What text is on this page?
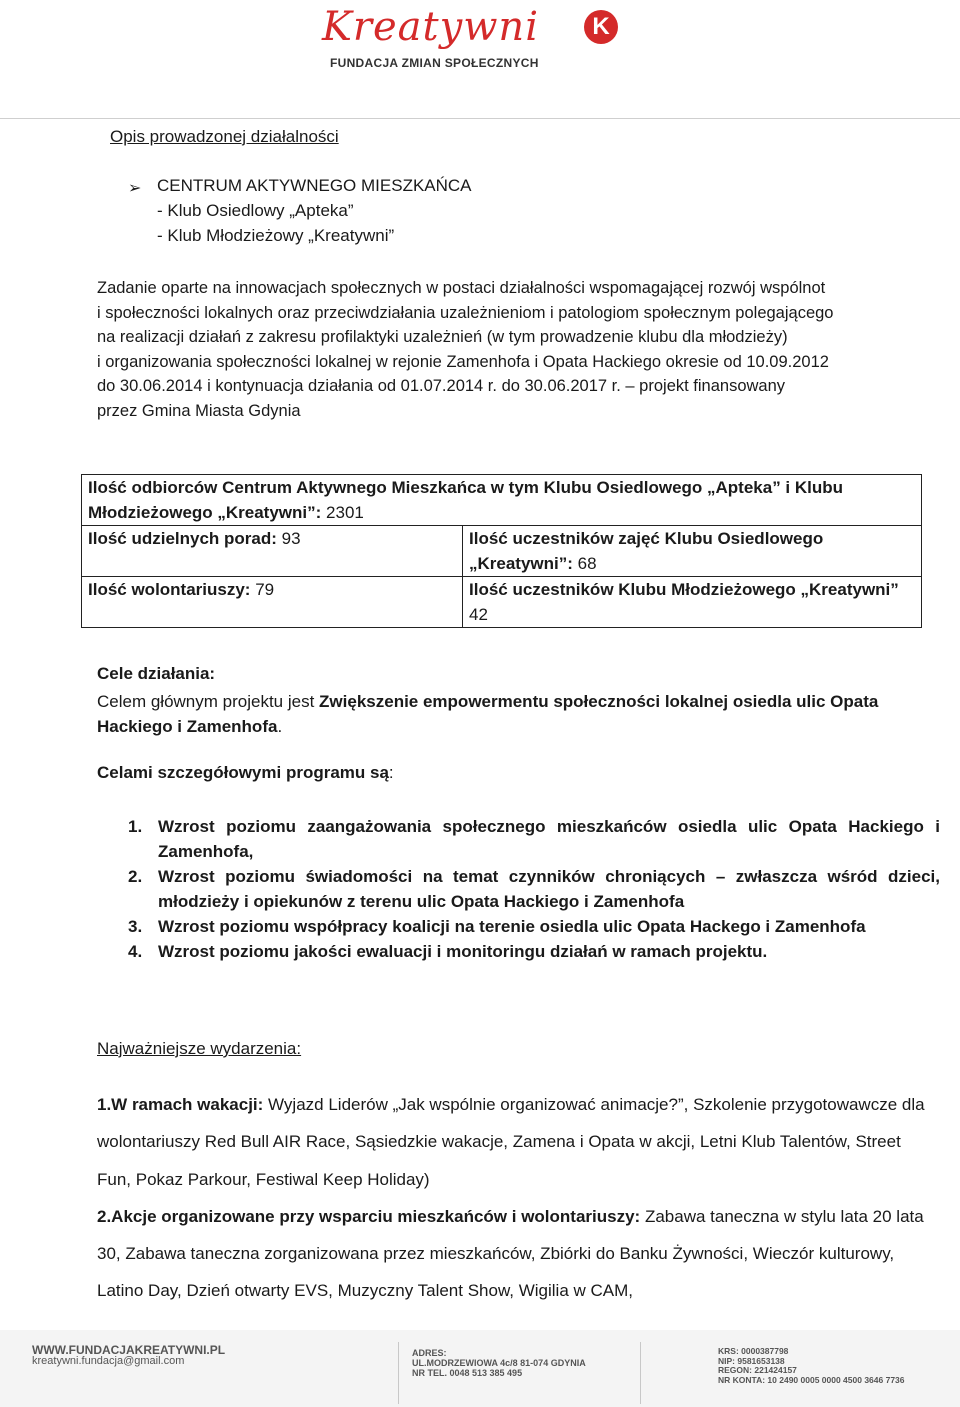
Kreatywni	K
FUNDACJA ZMIAN SPOŁECZNYCH
Opis prowadzonej działalności
➢ CENTRUM AKTYWNEGO MIESZKAŃCA
- Klub Osiedlowy „Apteka”
- Klub Młodzieżowy „Kreatywni”
Zadanie oparte na innowacjach społecznych w postaci działalności wspomagającej rozwój wspólnot
i społeczności lokalnych oraz przeciwdziałania uzależnieniom i patologiom społecznym polegającego
na realizacji działań z zakresu profilaktyki uzależnień (w tym prowadzenie klubu dla młodzieży)
i organizowania społeczności lokalnej w rejonie Zamenhofa i Opata Hackiego okresie od 10.09.2012
do 30.06.2014 i kontynuacja działania od 01.07.2014 r. do 30.06.2017 r. – projekt finansowany
przez Gmina Miasta Gdynia
Ilość odbiorców Centrum Aktywnego Mieszkańca w tym Klubu Osiedlowego „Apteka” i Klubu Młodzieżowego „Kreatywni”: 2301	
Ilość udzielnych porad: 93	Ilość uczestników zajęć Klubu Osiedlowego „Kreatywni”: 68
Ilość wolontariuszy: 79	Ilość uczestników Klubu Młodzieżowego „Kreatywni” 42
Cele działania:
Celem głównym projektu jest Zwiększenie empowermentu społeczności lokalnej osiedla ulic Opata Hackiego i Zamenhofa.
Celami szczegółowymi programu są:
1. Wzrost poziomu zaangażowania społecznego mieszkańców osiedla ulic Opata Hackiego i Zamenhofa,
2. Wzrost poziomu świadomości na temat czynników chroniących – zwłaszcza wśród dzieci, młodzieży i opiekunów z terenu ulic Opata Hackiego i Zamenhofa
3. Wzrost poziomu współpracy koalicji na terenie osiedla ulic Opata Hackego i Zamenhofa
4. Wzrost poziomu jakości ewaluacji i monitoringu działań w ramach projektu.
Najważniejsze wydarzenia:
1.W ramach wakacji: Wyjazd Liderów „Jak wspólnie organizować animacje?”, Szkolenie przygotowawcze dla wolontariuszy Red Bull AIR Race, Sąsiedzkie wakacje, Zamena i Opata w akcji, Letni Klub Talentów, Street Fun, Pokaz Parkour, Festiwal Keep Holiday)
2.Akcje organizowane przy wsparciu mieszkańców i wolontariuszy: Zabawa taneczna w stylu lata 20 lata 30, Zabawa taneczna zorganizowana przez mieszkańców, Zbiórki do Banku Żywności, Wieczór kulturowy, Latino Day, Dzień otwarty EVS, Muzyczny Talent Show, Wigilia w CAM,
WWW.FUNDACJAKREATYWNI.PL
kreatywni.fundacja@gmail.com
ADRES:
UL.MODRZEWIOWA 4c/8 81-074 GDYNIA
NR TEL. 0048 513 385 495
KRS: 0000387798
NIP: 9581653138
REGON: 221424157
NR KONTA: 10 2490 0005 0000 4500 3646 7736
